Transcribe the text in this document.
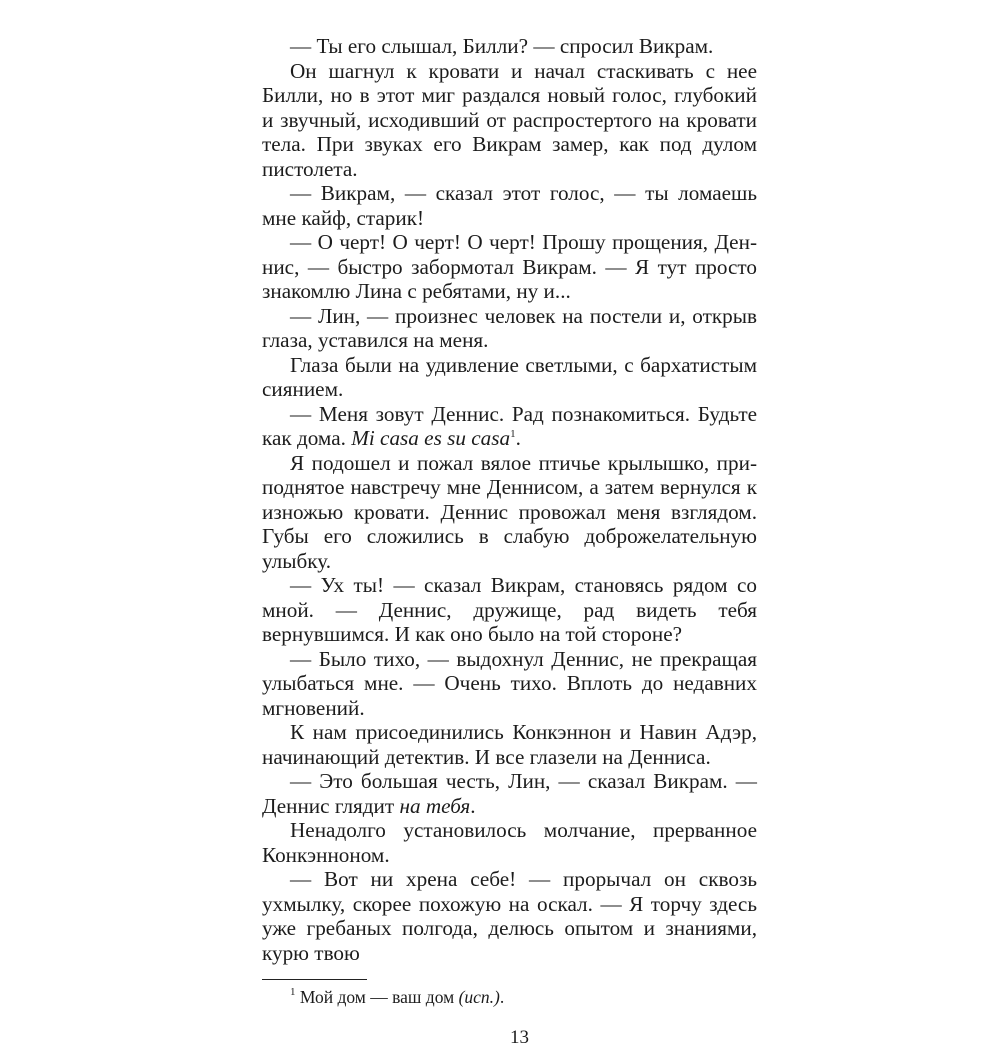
— Ты его слышал, Билли? — спросил Викрам.

Он шагнул к кровати и начал стаскивать с нее Билли, но в этот миг раздался новый голос, глубокий и звучный, исходивший от распростертого на кровати тела. При звуках его Викрам замер, как под дулом пистолета.

— Викрам, — сказал этот голос, — ты ломаешь мне кайф, старик!

— О черт! О черт! О черт! Прошу прощения, Деннис, — быстро забормотал Викрам. — Я тут просто знакомлю Лина с ребятами, ну и...

— Лин, — произнес человек на постели и, открыв глаза, уставился на меня.

Глаза были на удивление светлыми, с бархатистым сиянием.

— Меня зовут Деннис. Рад познакомиться. Будьте как дома. Mi casa es su casa$^1$.

Я подошел и пожал вялое птичье крылышко, приподнятое навстречу мне Деннисом, а затем вернулся к изножью кровати. Деннис провожал меня взглядом. Губы его сложились в слабую доброжелательную улыбку.

— Ух ты! — сказал Викрам, становясь рядом со мной. — Деннис, дружище, рад видеть тебя вернувшимся. И как оно было на той стороне?

— Было тихо, — выдохнул Деннис, не прекращая улыбаться мне. — Очень тихо. Вплоть до недавних мгновений.

К нам присоединились Конкэннон и Навин Адэр, начинающий детектив. И все глазели на Денниса.

— Это большая честь, Лин, — сказал Викрам. — Деннис глядит на тебя.

Ненадолго установилось молчание, прерванное Конкэнноном.

— Вот ни хрена себе! — прорычал он сквозь ухмылку, скорее похожую на оскал. — Я торчу здесь уже гребаных полгода, делюсь опытом и знаниями, курю твою

$^1$ Мой дом — ваш дом (исп.).
13
